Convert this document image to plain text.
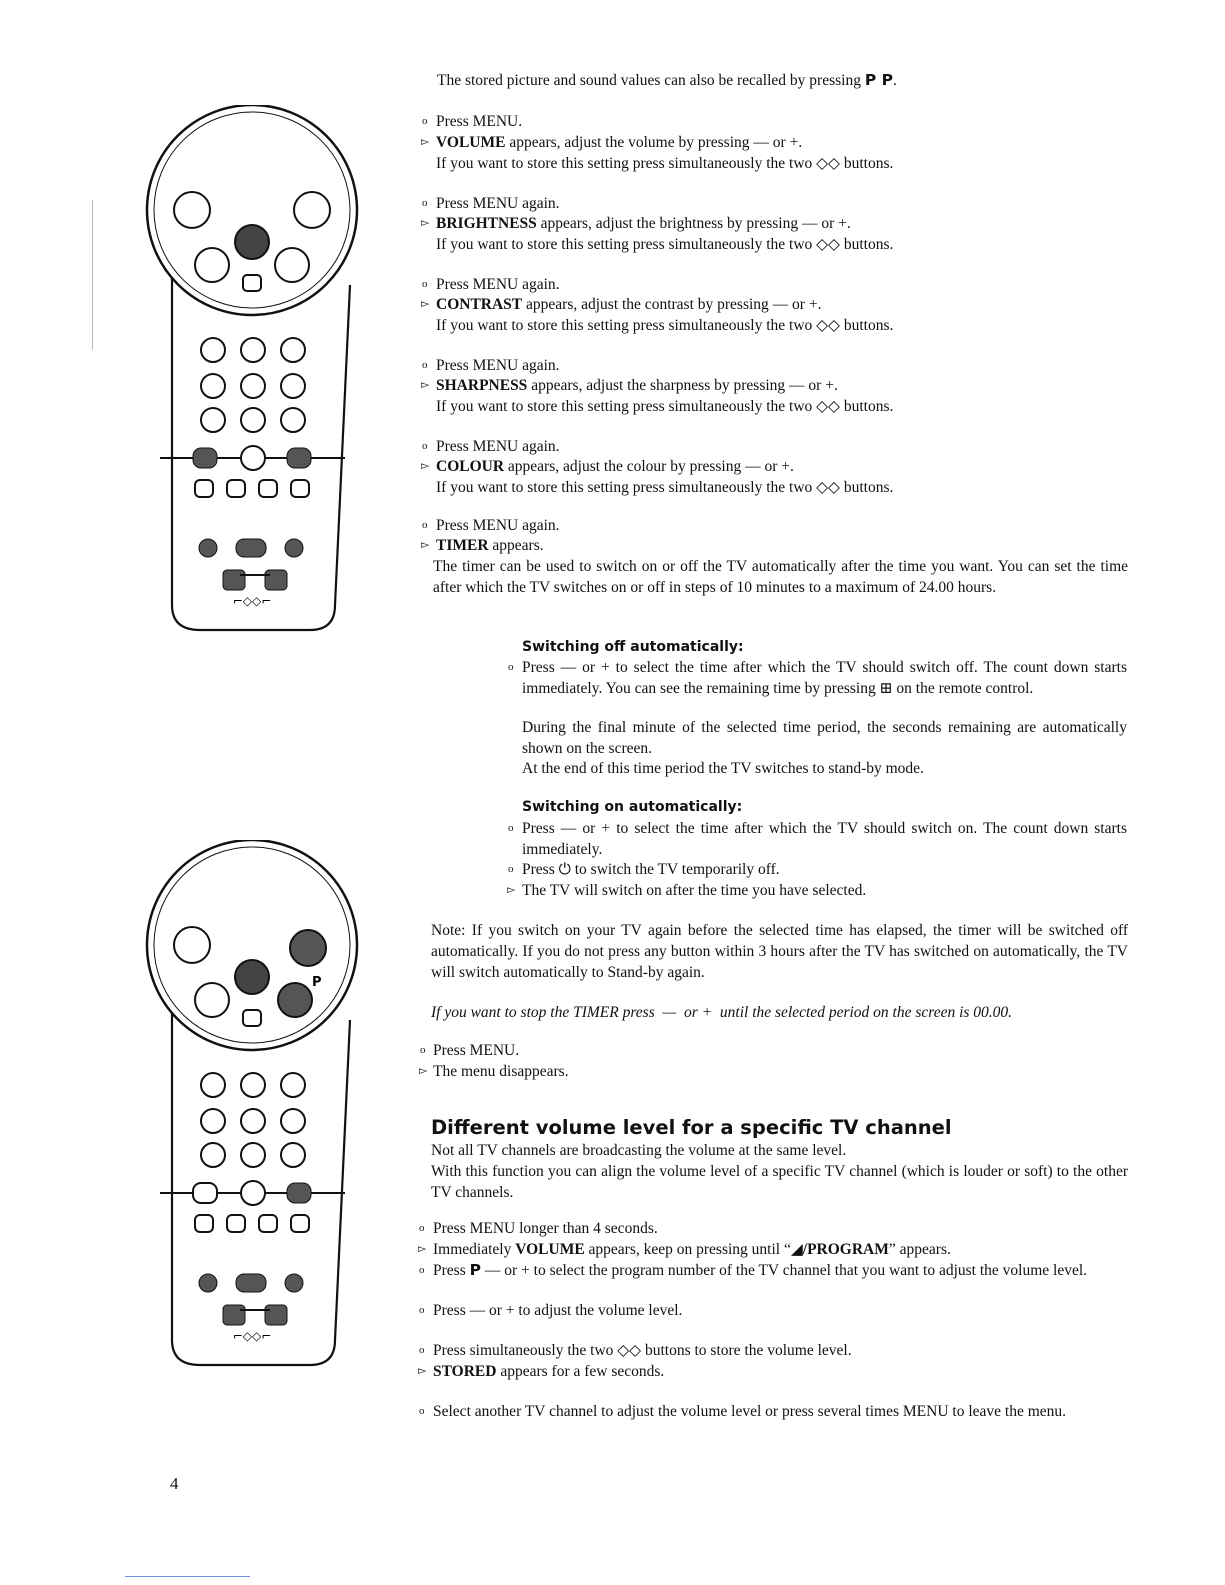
⌐◇◇⌐
P
⌐◇◇⌐
The stored picture and sound values can also be recalled by pressing P P.
o Press MENU.
▻ VOLUME appears, adjust the volume by pressing — or +.
If you want to store this setting press simultaneously the two ◇◇ buttons.
o Press MENU again.
▻ BRIGHTNESS appears, adjust the brightness by pressing — or +.
If you want to store this setting press simultaneously the two ◇◇ buttons.
o Press MENU again.
▻ CONTRAST appears, adjust the contrast by pressing — or +.
If you want to store this setting press simultaneously the two ◇◇ buttons.
o Press MENU again.
▻ SHARPNESS appears, adjust the sharpness by pressing — or +.
If you want to store this setting press simultaneously the two ◇◇ buttons.
o Press MENU again.
▻ COLOUR appears, adjust the colour by pressing — or +.
If you want to store this setting press simultaneously the two ◇◇ buttons.
o Press MENU again.
▻ TIMER appears.
The timer can be used to switch on or off the TV automatically after the time you want. You can set the time after which the TV switches on or off in steps of 10 minutes to a maximum of 24.00 hours.
Switching off automatically:
o Press — or + to select the time after which the TV should switch off. The count down starts immediately. You can see the remaining time by pressing ⊞ on the remote control.
During the final minute of the selected time period, the seconds remaining are automatically shown on the screen.
At the end of this time period the TV switches to stand-by mode.
Switching on automatically:
o Press — or + to select the time after which the TV should switch on. The count down starts immediately.
o Press ⏻ to switch the TV temporarily off.
▻ The TV will switch on after the time you have selected.
Note: If you switch on your TV again before the selected time has elapsed, the timer will be switched off automatically. If you do not press any button within 3 hours after the TV has switched on automatically, the TV will switch automatically to Stand-by again.
If you want to stop the TIMER press — or + until the selected period on the screen is 00.00.
o Press MENU.
▻ The menu disappears.
Different volume level for a specific TV channel
Not all TV channels are broadcasting the volume at the same level.
With this function you can align the volume level of a specific TV channel (which is louder or soft) to the other TV channels.
o Press MENU longer than 4 seconds.
▻ Immediately VOLUME appears, keep on pressing until “◢/PROGRAM” appears.
o Press P — or + to select the program number of the TV channel that you want to adjust the volume level.
o Press — or + to adjust the volume level.
o Press simultaneously the two ◇◇ buttons to store the volume level.
▻ STORED appears for a few seconds.
o Select another TV channel to adjust the volume level or press several times MENU to leave the menu.
4
